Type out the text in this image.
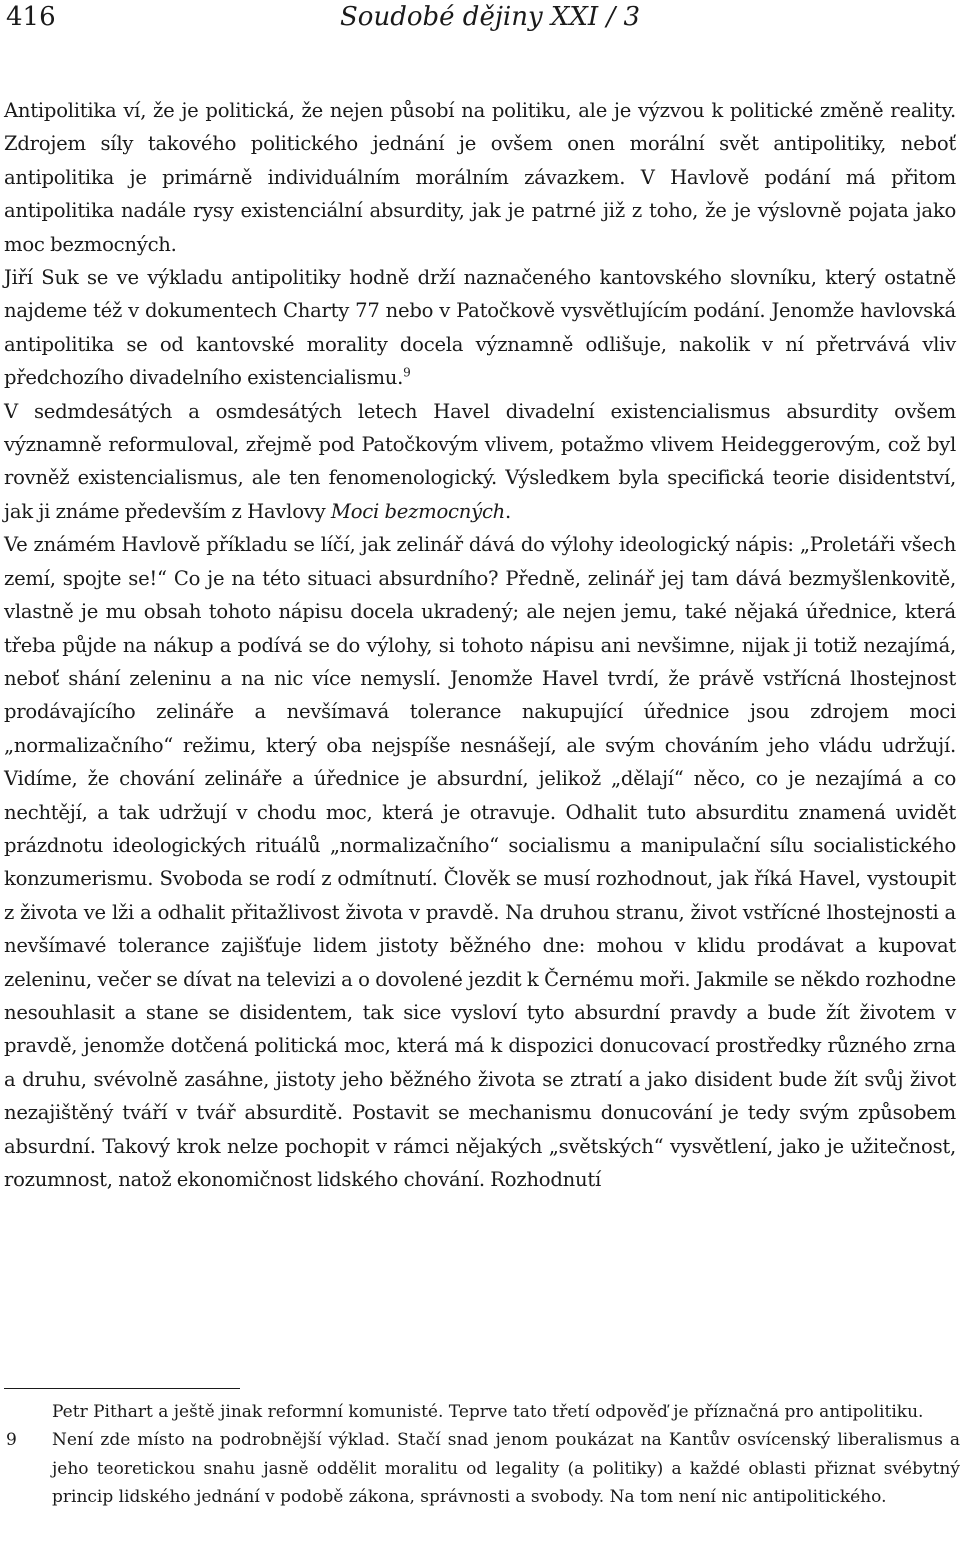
416	Soudobé dějiny XXI / 3

Antipolitika ví, že je politická, že nejen působí na politiku, ale je výzvou k politické změně reality. Zdrojem síly takového politického jednání je ovšem onen morální svět antipolitiky, neboť antipolitika je primárně individuálním morálním závazkem. V Havlově podání má přitom antipolitika nadále rysy existenciální absurdity, jak je patrné již z toho, že je výslovně pojata jako moc bezmocných.

Jiří Suk se ve výkladu antipolitiky hodně drží naznačeného kantovského slovníku, který ostatně najdeme též v dokumentech Charty 77 nebo v Patočkově vysvětlujícím podání. Jenomže havlovská antipolitika se od kantovské morality docela významně odlišuje, nakolik v ní přetrvává vliv předchozího divadelního existencialismu.$^9$

V sedmdesátých a osmdesátých letech Havel divadelní existencialismus absurdity ovšem významně reformuloval, zřejmě pod Patočkovým vlivem, potažmo vlivem Heideggerovým, což byl rovněž existencialismus, ale ten fenomenologický. Výsledkem byla specifická teorie disidentství, jak ji známe především z Havlovy Moci bezmocných.

Ve známém Havlově příkladu se líčí, jak zelinář dává do výlohy ideologický nápis: „Proletáři všech zemí, spojte se!“ Co je na této situaci absurdního? Předně, zelinář jej tam dává bezmyšlenkovitě, vlastně je mu obsah tohoto nápisu docela ukradený; ale nejen jemu, také nějaká úřednice, která třeba půjde na nákup a podívá se do výlohy, si tohoto nápisu ani nevšimne, nijak ji totiž nezajímá, neboť shání zeleninu a na nic více nemyslí. Jenomže Havel tvrdí, že právě vstřícná lhostejnost prodávajícího zelináře a nevšímavá tolerance nakupující úřednice jsou zdrojem moci „normalizačního“ režimu, který oba nejspíše nesnášejí, ale svým chováním jeho vládu udržují. Vidíme, že chování zelináře a úřednice je absurdní, jelikož „dělají“ něco, co je nezajímá a co nechtějí, a tak udržují v chodu moc, která je otravuje. Odhalit tuto absurditu znamená uvidět prázdnotu ideologických rituálů „normalizačního“ socialismu a manipulační sílu socialistického konzumerismu. Svoboda se rodí z odmítnutí. Člověk se musí rozhodnout, jak říká Havel, vystoupit z života ve lži a odhalit přitažlivost života v pravdě. Na druhou stranu, život vstřícné lhostejnosti a nevšímavé tolerance zajišťuje lidem jistoty běžného dne: mohou v klidu prodávat a kupovat zeleninu, večer se dívat na televizi a o dovolené jezdit k Černému moři. Jakmile se někdo rozhodne nesouhlasit a stane se disidentem, tak sice vysloví tyto absurdní pravdy a bude žít životem v pravdě, jenomže dotčená politická moc, která má k dispozici donucovací prostředky různého zrna a druhu, svévolně zasáhne, jistoty jeho běžného života se ztratí a jako disident bude žít svůj život nezajištěný tváří v tvář absurditě. Postavit se mechanismu donucování je tedy svým způsobem absurdní. Takový krok nelze pochopit v rámci nějakých „světských“ vysvětlení, jako je užitečnost, rozumnost, natož ekonomičnost lidského chování. Rozhodnutí

Petr Pithart a ještě jinak reformní komunisté. Teprve tato třetí odpověď je příznačná pro antipolitiku.
9 Není zde místo na podrobnější výklad. Stačí snad jenom poukázat na Kantův osvícenský liberalismus a jeho teoretickou snahu jasně oddělit moralitu od legality (a politiky) a každé oblasti přiznat svébytný princip lidského jednání v podobě zákona, správnosti a svobody. Na tom není nic antipolitického.
